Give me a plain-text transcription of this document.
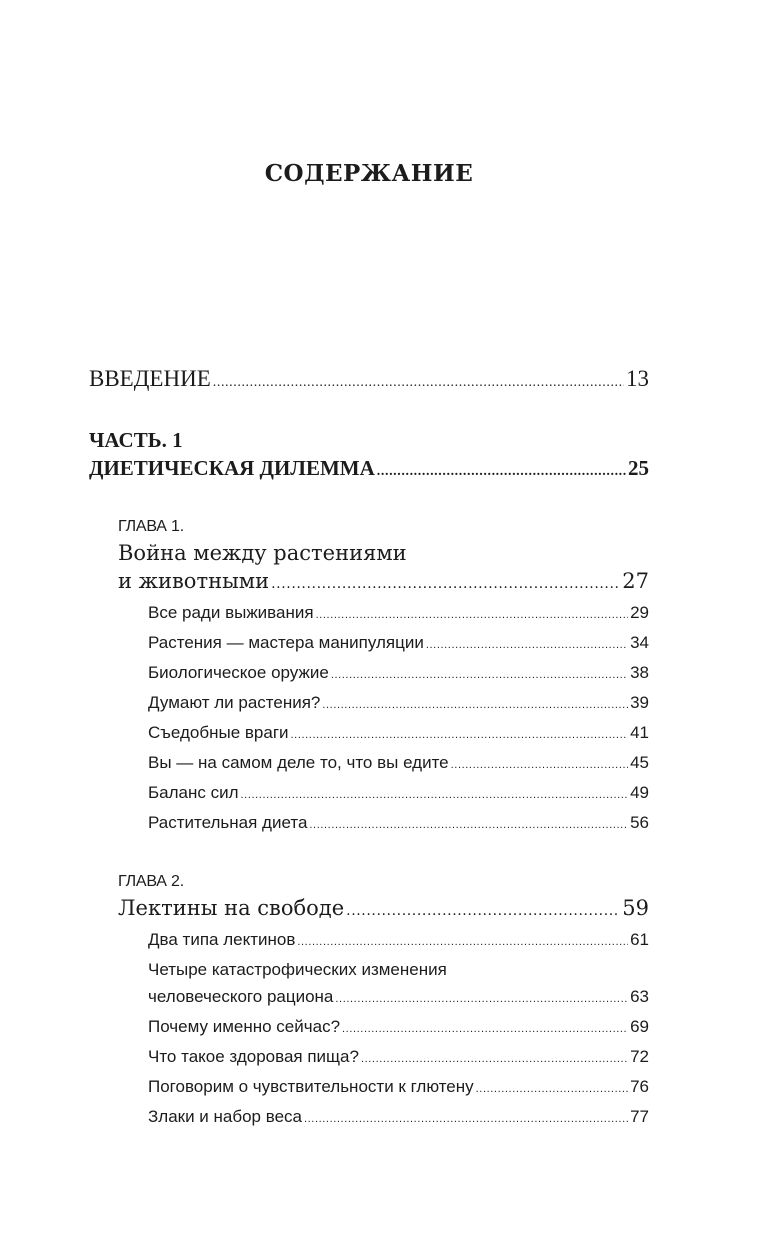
СОДЕРЖАНИЕ
ВВЕДЕНИЕ .....	13
ЧАСТЬ. 1
ДИЕТИЧЕСКАЯ ДИЛЕММА .....	25
ГЛАВА 1.
Война между растениями
и животными .....	27
Все ради выживания .....	29
Растения — мастера манипуляции .....	34
Биологическое оружие .....	38
Думают ли растения? .....	39
Съедобные враги .....	41
Вы — на самом деле то, что вы едите .....	45
Баланс сил .....	49
Растительная диета .....	56
ГЛАВА 2.
Лектины на свободе .....	59
Два типа лектинов .....	61
Четыре катастрофических изменения
человеческого рациона .....	63
Почему именно сейчас? .....	69
Что такое здоровая пища? .....	72
Поговорим о чувствительности к глютену .....	76
Злаки и набор веса .....	77
